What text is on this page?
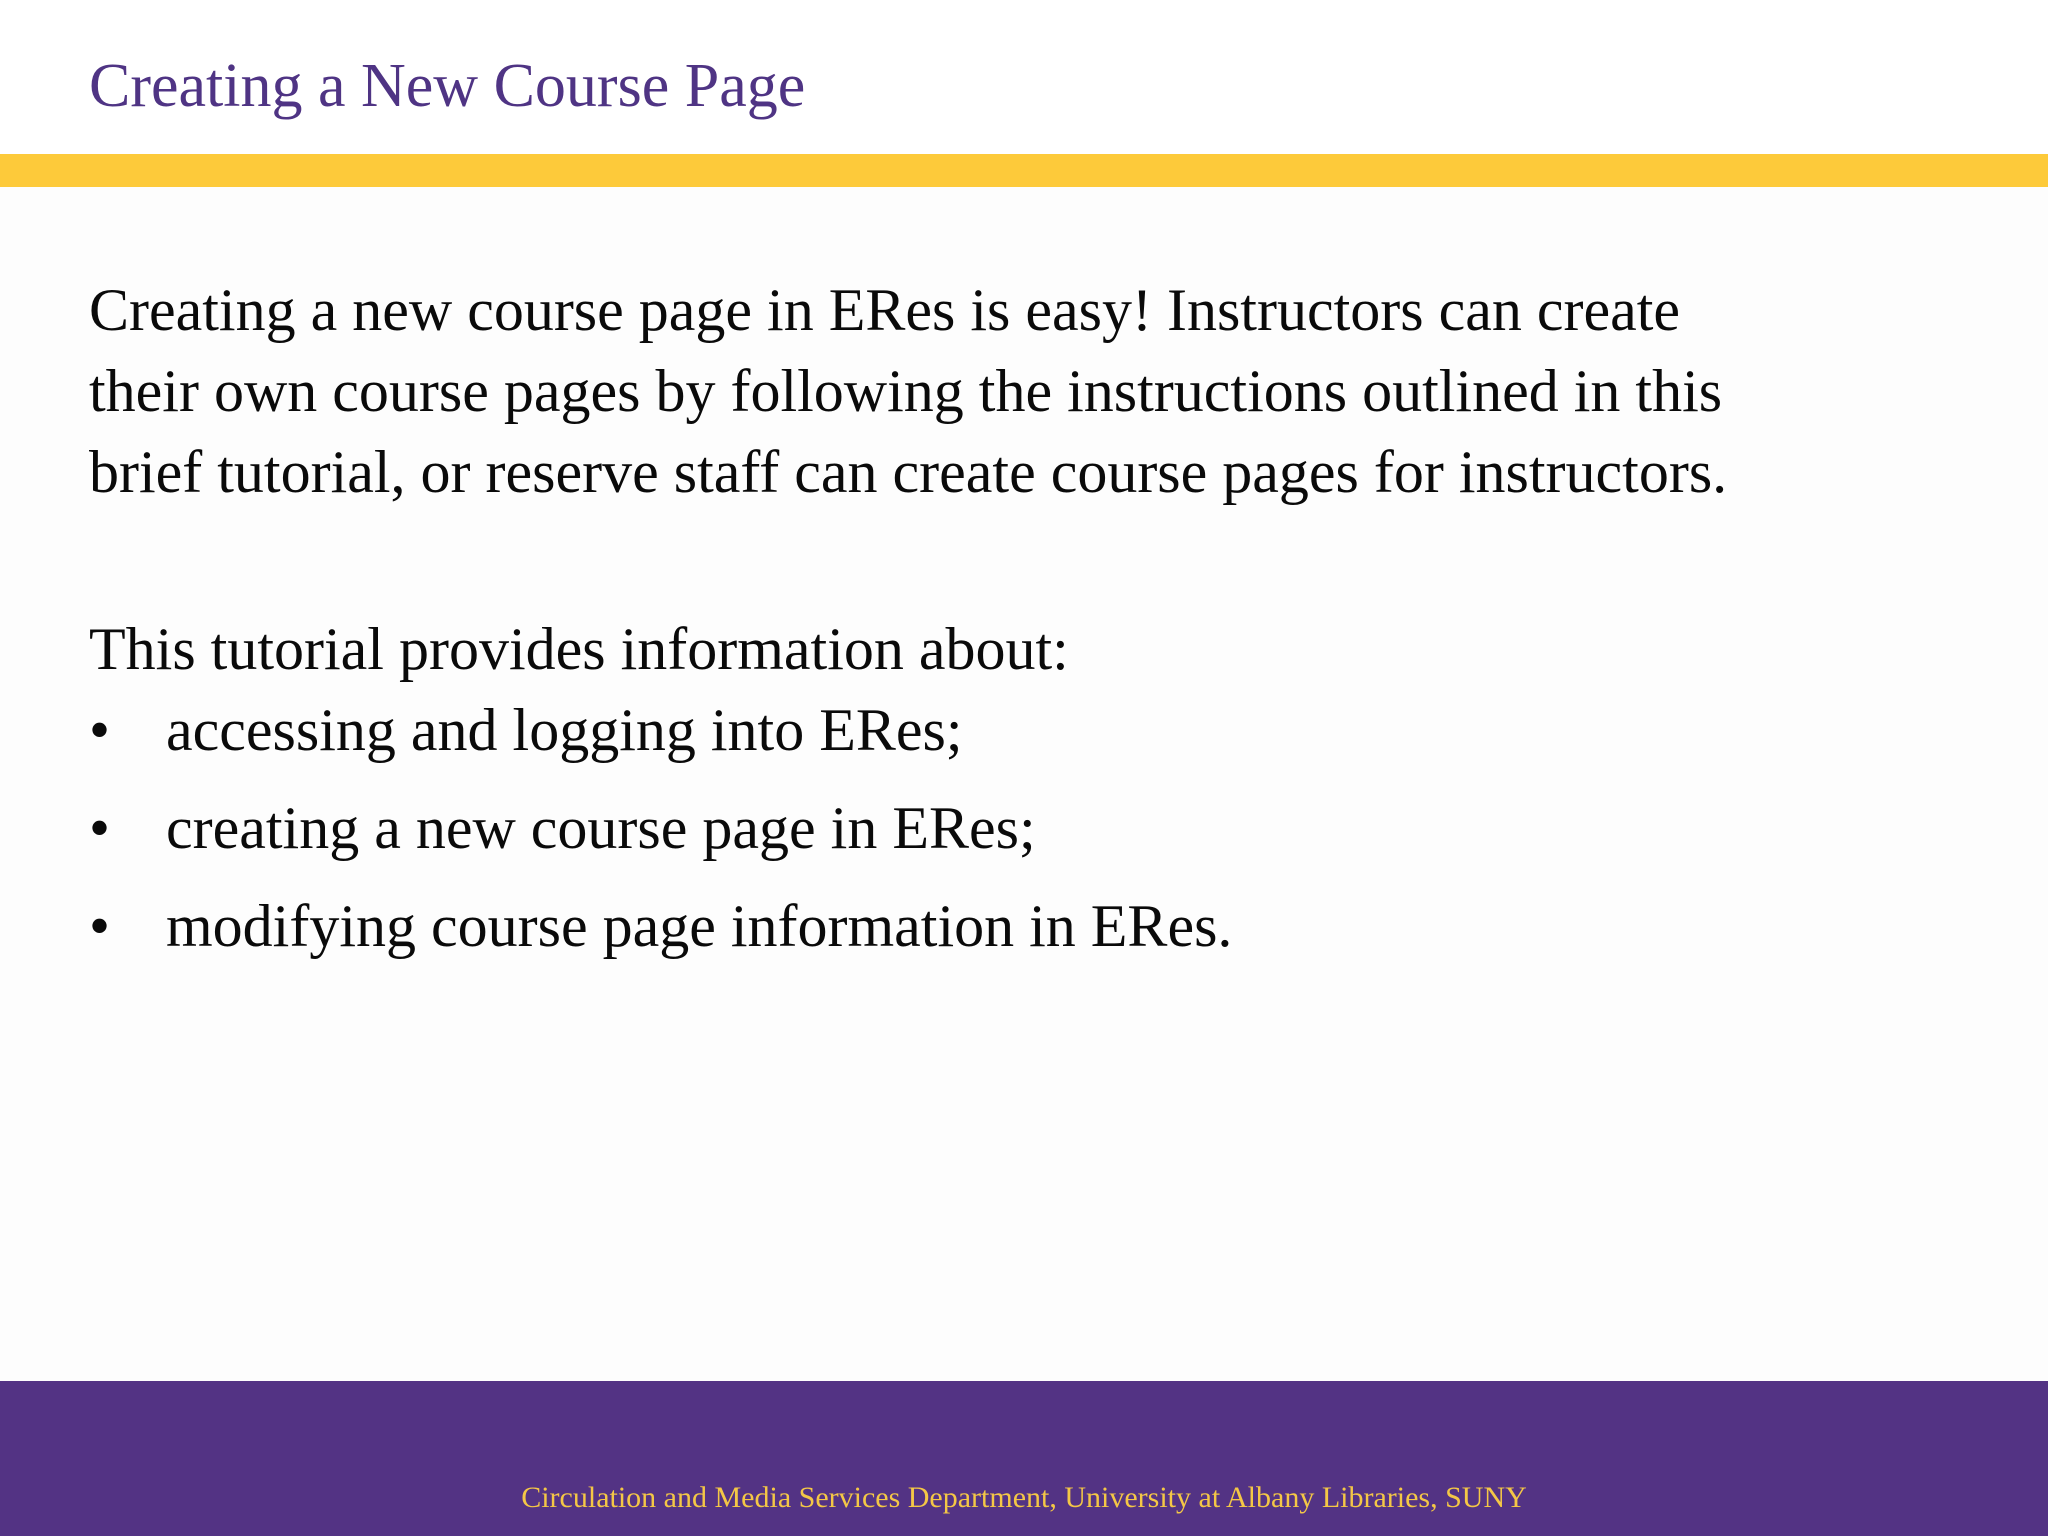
Creating a New Course Page

Creating a new course page in ERes is easy! Instructors can create
their own course pages by following the instructions outlined in this
brief tutorial, or reserve staff can create course pages for instructors.

This tutorial provides information about:

• accessing and logging into ERes;
• creating a new course page in ERes;
• modifying course page information in ERes.
Circulation and Media Services Department, University at Albany Libraries, SUNY
